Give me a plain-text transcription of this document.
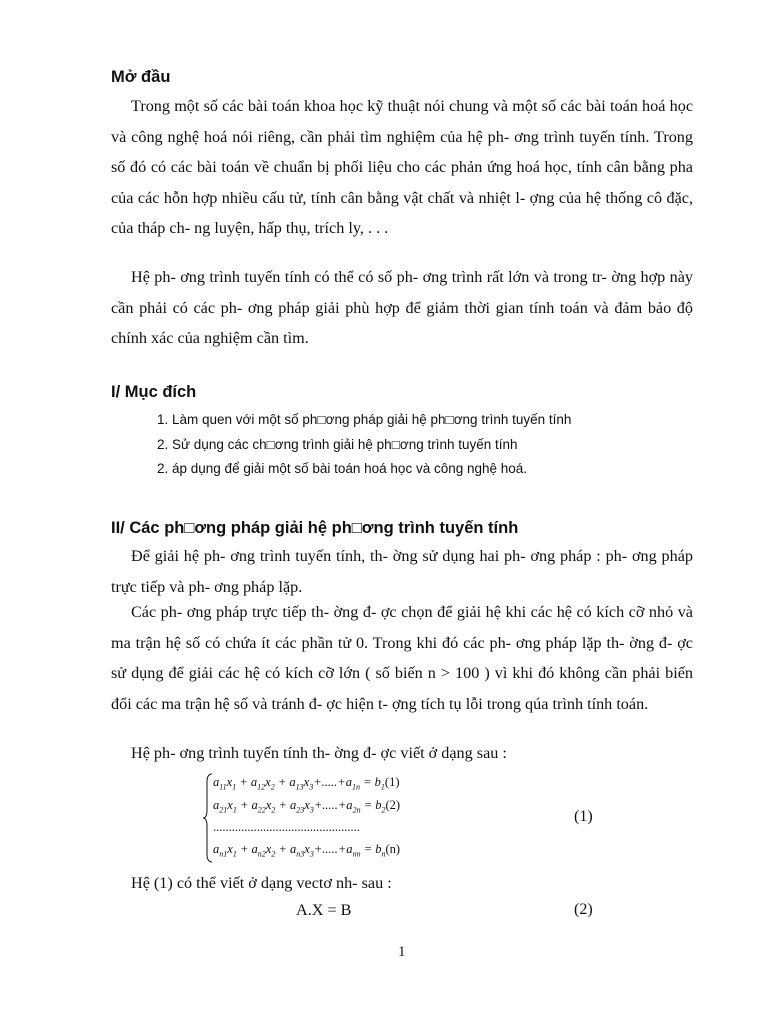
Mở đầu

Trong một số các bài toán khoa học kỹ thuật nói chung và một số các bài toán hoá học và công nghệ hoá nói riêng, cần phải tìm nghiệm của hệ ph- ơng trình tuyến tính. Trong số đó có các bài toán về chuẩn bị phối liệu cho các phản ứng hoá học, tính cân bằng pha của các hỗn hợp nhiều cấu tử, tính cân bằng vật chất và nhiệt l- ợng của hệ thống cô đặc, của tháp ch- ng luyện, hấp thụ, trích ly, . . .

Hệ ph- ơng trình tuyến tính có thể có số ph- ơng trình rất lớn và trong tr- ờng hợp này cần phải có các ph- ơng pháp giải phù hợp để giảm thời gian tính toán và đảm bảo độ chính xác của nghiệm cần tìm.

I/ Mục đích
1. Làm quen với một số ph□ơng pháp giải hệ ph□ơng trình tuyến tính
2. Sử dụng các ch□ơng trình giải hệ ph□ơng trình tuyến tính
2. áp dụng để giải một số bài toán hoá học và công nghệ hoá.
II/ Các ph□ơng pháp giải hệ ph□ơng trình tuyến tính

Để giải hệ ph- ơng trình tuyến tính, th- ờng sử dụng hai ph- ơng pháp : ph- ơng pháp trực tiếp và ph- ơng pháp lặp.

Các ph- ơng pháp trực tiếp th- ờng đ- ợc chọn để giải hệ khi các hệ có kích cỡ nhỏ và ma trận hệ số có chứa ít các phần tử 0. Trong khi đó các ph- ơng pháp lặp th- ờng đ- ợc sử dụng để giải các hệ có kích cỡ lớn ( số biến n > 100 ) vì khi đó không cần phải biến đổi các ma trận hệ số và tránh đ- ợc hiện t- ợng tích tụ lỗi trong qúa trình tính toán.

Hệ ph- ơng trình tuyến tính th- ờng đ- ợc viết ở dạng sau :
$a_{11}x_1 + a_{12}x_2 + a_{13}x_3+.....+a_{1n} = b_1(1)$
$a_{21}x_1 + a_{22}x_2 + a_{23}x_3+.....+a_{2n} = b_2(2)$
...............................................
$a_{n1}x_1 + a_{n2}x_2 + a_{n3}x_3+.....+a_{nn} = b_n(n)$
(1)
Hệ (1) có thể viết ở dạng vectơ nh- sau :
A.X = B	(2)
1
